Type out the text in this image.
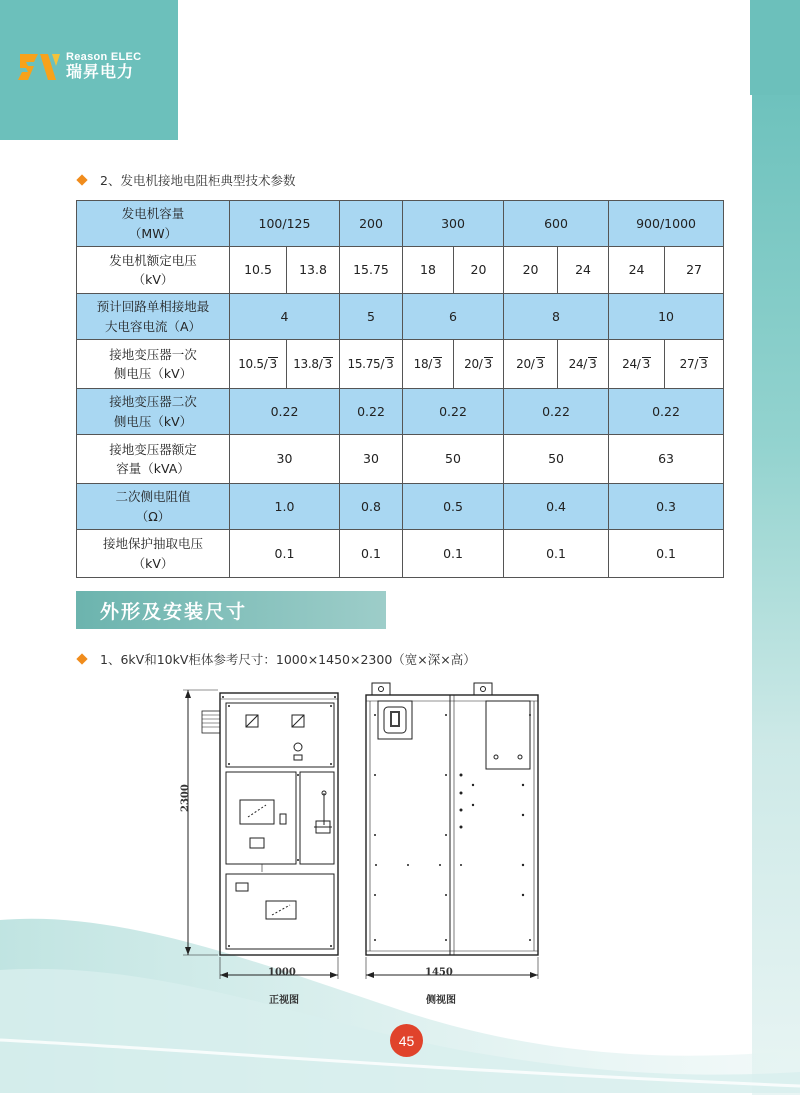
Reason ELEC
瑞昇电力
2、发电机接地电阻柜典型技术参数
发电机容量
（MW）	100/125		200	300		600		900/1000	
发电机额定电压
（kV）	10.5	13.8	15.75	18	20	20	24	24	27
预计回路单相接地最
大电容电流（A）	4		5	6		8		10	
接地变压器一次
侧电压（kV）	10.5/ 3	13.8/ 3	15.75/ 3	18/ 3	20/ 3	20/ 3	24/ 3	24/ 3	27/ 3
接地变压器二次
侧电压（kV）	0.22		0.22	0.22		0.22		0.22	
接地变压器额定
容量（kVA）	30		30	50		50		63	
二次侧电阻值
（Ω）	1.0		0.8	0.5		0.4		0.3	
接地保护抽取电压
（kV）	0.1		0.1	0.1		0.1		0.1	
外形及安装尺寸
1、6kV和10kV柜体参考尺寸：1000×1450×2300（宽×深×高）
2300
1000	1450
正视图	侧视图
45
